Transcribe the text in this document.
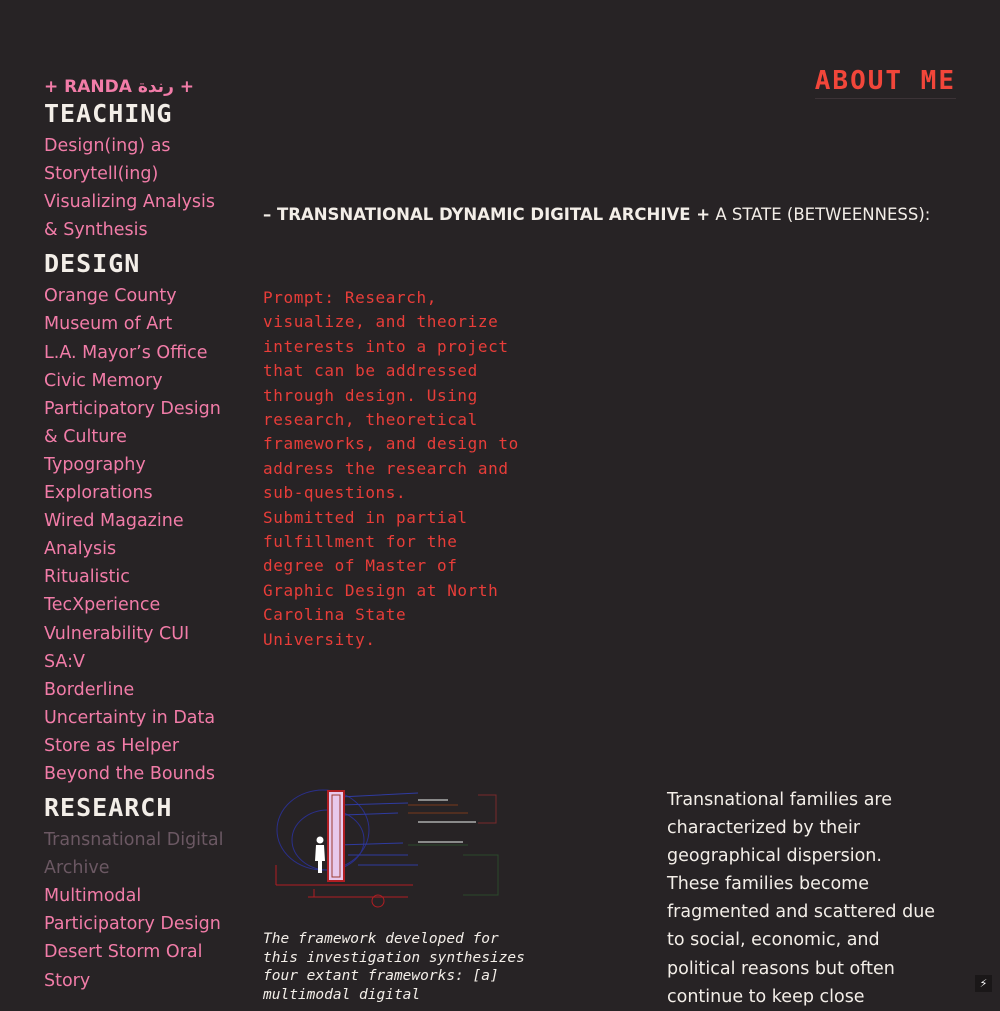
+ RANDA رندة +
TEACHING
Design(ing) as
Storytell(ing)
Visualizing Analysis
& Synthesis
DESIGN
Orange County
Museum of Art
L.A. Mayor’s Office
Civic Memory
Participatory Design
& Culture
Typography
Explorations
Wired Magazine
Analysis
Ritualistic
TecXperience
Vulnerability CUI
SA:V
Borderline
Uncertainty in Data
Store as Helper
Beyond the Bounds
RESEARCH
Transnational Digital
Archive
Multimodal
Participatory Design
Desert Storm Oral
Story
ABOUT ME
– TRANSNATIONAL DYNAMIC DIGITAL ARCHIVE + A STATE (BETWEENNESS):

Prompt: Research, visualize, and theorize interests into a project that can be addressed through design. Using research, theoretical frameworks, and design to address the research and sub-questions.

Submitted in partial fulfillment for the degree of Master of Graphic Design at North Carolina State University.

The framework developed for this investigation synthesizes four extant frameworks: [a] multimodal digital
Transnational families are characterized by their geographical dispersion. These families become fragmented and scattered due to social, economic, and political reasons but often continue to keep close
⚡
